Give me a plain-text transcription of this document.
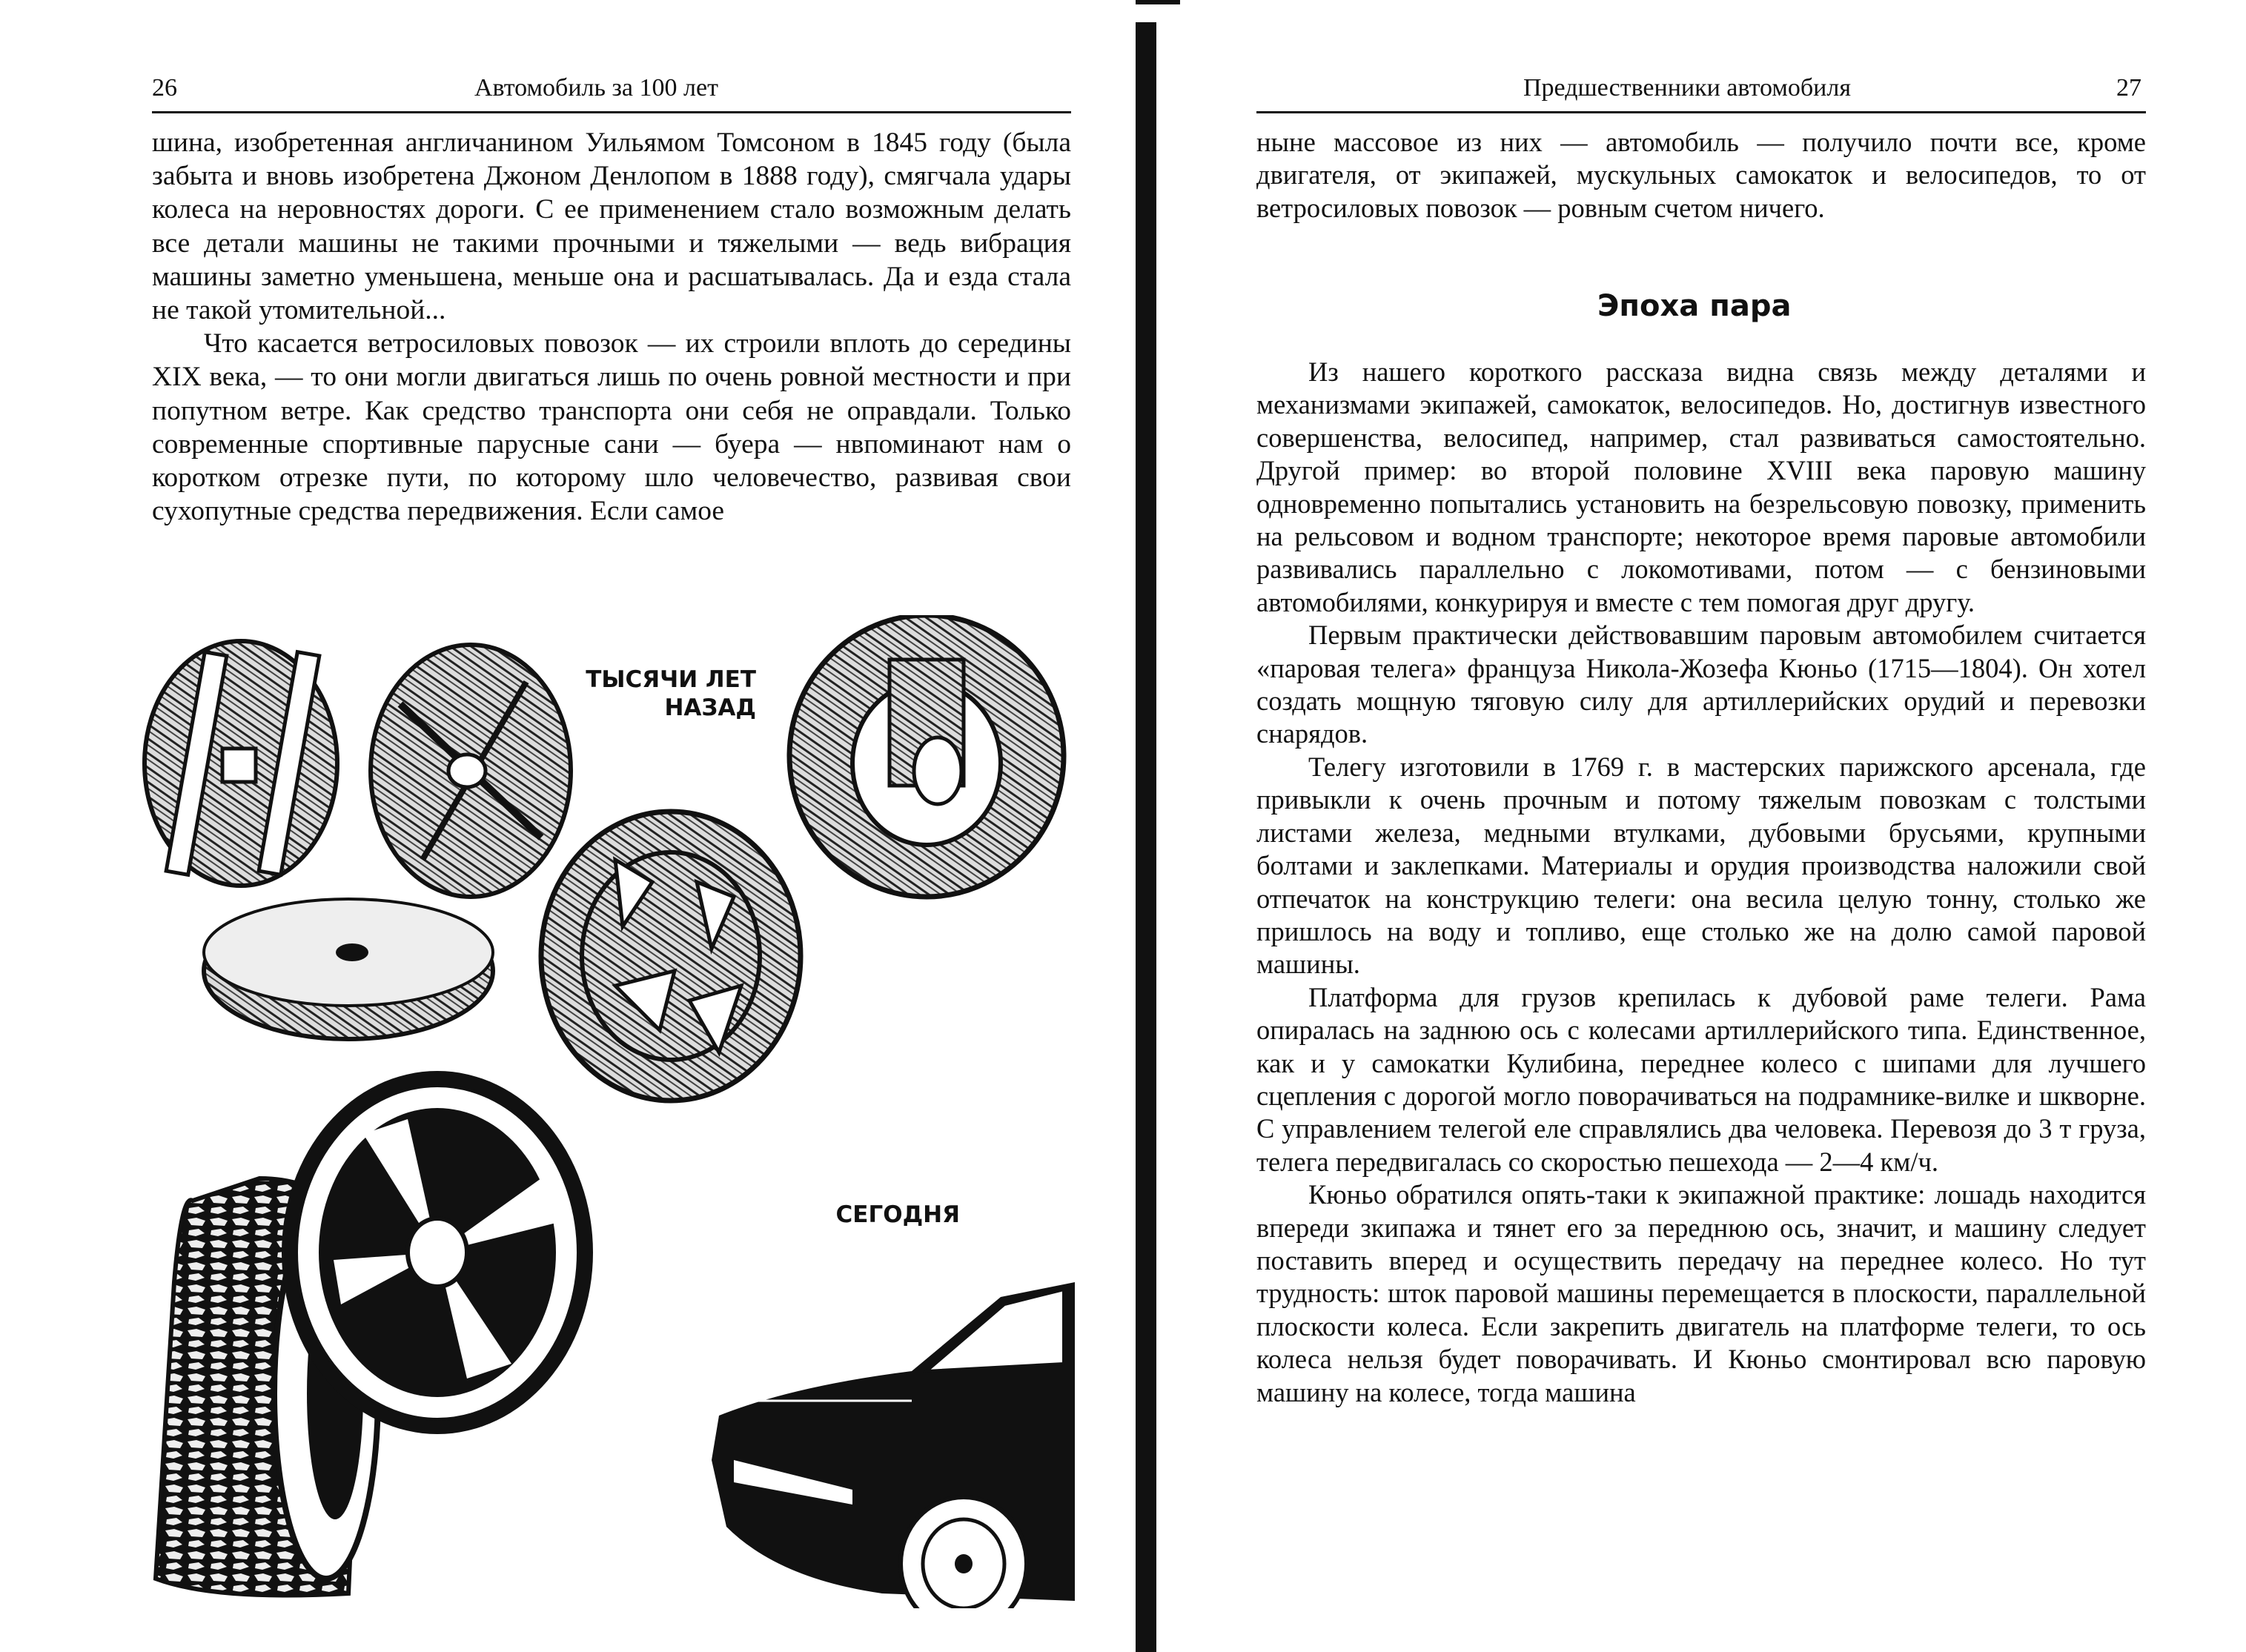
26	Автомобиль за 100 лет

шина, изобретенная англичанином Уильямом Томсоном в 1845 году (была забыта и вновь изобретена Джоном Денлопом в 1888 году), смягчала удары колеса на неровностях дороги. С ее применением стало возможным делать все детали машины не такими прочными и тяжелыми — ведь вибрация машины заметно уменьшена, меньше она и расшатывалась. Да и езда стала не такой утомительной...

Что касается ветросиловых повозок — их строили вплоть до середины XIX века, — то они могли двигаться лишь по очень ровной местности и при попутном ветре. Как средство транспорта они себя не оправдали. Только современные спортивные парусные сани — буера — нвпоминают нам о коротком отрезке пути, по которому шло человечество, развивая свои сухопутные средства передвижения. Если самое

ТЫСЯЧИ ЛЕТ НАЗАД
СЕГОДНЯ
Предшественники автомобиля	27

ныне массовое из них — автомобиль — получило почти все, кроме двигателя, от экипажей, мускульных самокаток и велосипедов, то от ветросиловых повозок — ровным счетом ничего.

Эпоха пара

Из нашего короткого рассказа видна связь между деталями и механизмами экипажей, самокаток, велосипедов. Но, достигнув известного совершенства, велосипед, например, стал развиваться самостоятельно. Другой пример: во второй половине XVIII века паровую машину одновременно попытались установить на безрельсовую повозку, применить на рельсовом и водном транспорте; некоторое время паровые автомобили развивались параллельно с локомотивами, потом — с бензиновыми автомобилями, конкурируя и вместе с тем помогая друг другу.

Первым практически действовавшим паровым автомобилем считается «паровая телега» француза Никола-Жозефа Кюньо (1715—1804). Он хотел создать мощную тяговую силу для артиллерийских орудий и перевозки снарядов.

Телегу изготовили в 1769 г. в мастерских парижского арсенала, где привыкли к очень прочным и потому тяжелым повозкам с толстыми листами железа, медными втулками, дубовыми брусьями, крупными болтами и заклепками. Материалы и орудия производства наложили свой отпечаток на конструкцию телеги: она весила целую тонну, столько же пришлось на воду и топливо, еще столько же на долю самой паровой машины.

Платформа для грузов крепилась к дубовой раме телеги. Рама опиралась на заднюю ось с колесами артиллерийского типа. Единственное, как и у самокатки Кулибина, переднее колесо с шипами для лучшего сцепления с дорогой могло поворачиваться на подрамнике-вилке и шкворне. С управлением телегой еле справлялись два человека. Перевозя до 3 т груза, телега передвигалась со скоростью пешехода — 2—4 км/ч.

Кюньо обратился опять-таки к экипажной практике: лошадь находится впереди зкипажа и тянет его за переднюю ось, значит, и машину следует поставить вперед и осуществить передачу на переднее колесо. Но тут трудность: шток паровой машины перемещается в плоскости, параллельной плоскости колеса. Если закрепить двигатель на платформе телеги, то ось колеса нельзя будет поворачивать. И Кюньо смонтировал всю паровую машину на колесе, тогда машина
